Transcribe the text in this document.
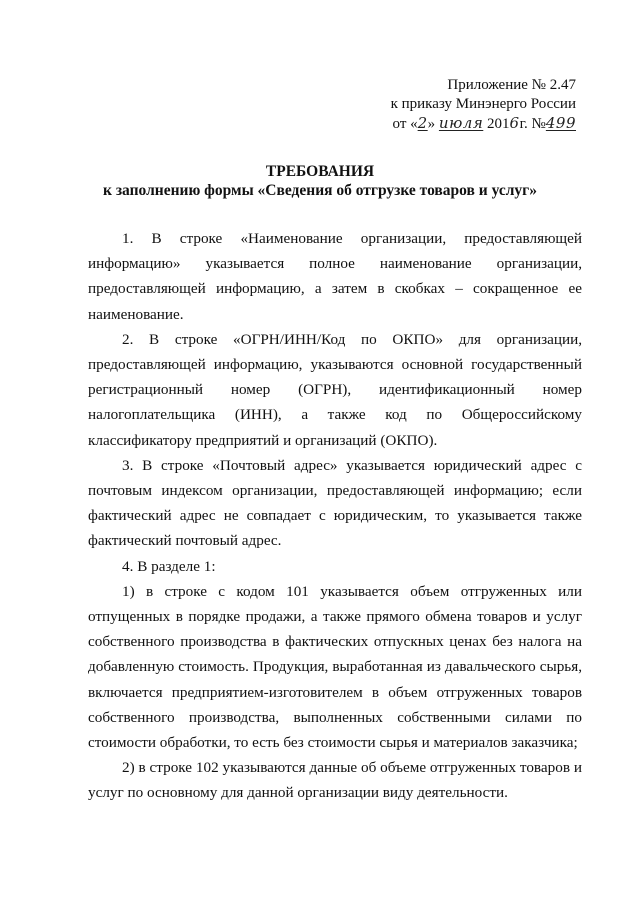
Приложение № 2.47
к приказу Минэнерго России
от «2» июля 2016г. №499
ТРЕБОВАНИЯ
к заполнению формы «Сведения об отгрузке товаров и услуг»

1. В строке «Наименование организации, предоставляющей информацию» указывается полное наименование организации, предоставляющей информацию, а затем в скобках – сокращенное ее наименование.

2. В строке «ОГРН/ИНН/Код по ОКПО» для организации, предоставляющей информацию, указываются основной государственный регистрационный номер (ОГРН), идентификационный номер налогоплательщика (ИНН), а также код по Общероссийскому классификатору предприятий и организаций (ОКПО).

3. В строке «Почтовый адрес» указывается юридический адрес с почтовым индексом организации, предоставляющей информацию; если фактический адрес не совпадает с юридическим, то указывается также фактический почтовый адрес.

4. В разделе 1:

1) в строке с кодом 101 указывается объем отгруженных или отпущенных в порядке продажи, а также прямого обмена товаров и услуг собственного производства в фактических отпускных ценах без налога на добавленную стоимость. Продукция, выработанная из давальческого сырья, включается предприятием-изготовителем в объем отгруженных товаров собственного производства, выполненных собственными силами по стоимости обработки, то есть без стоимости сырья и материалов заказчика;

2) в строке 102 указываются данные об объеме отгруженных товаров и услуг по основному для данной организации виду деятельности.
